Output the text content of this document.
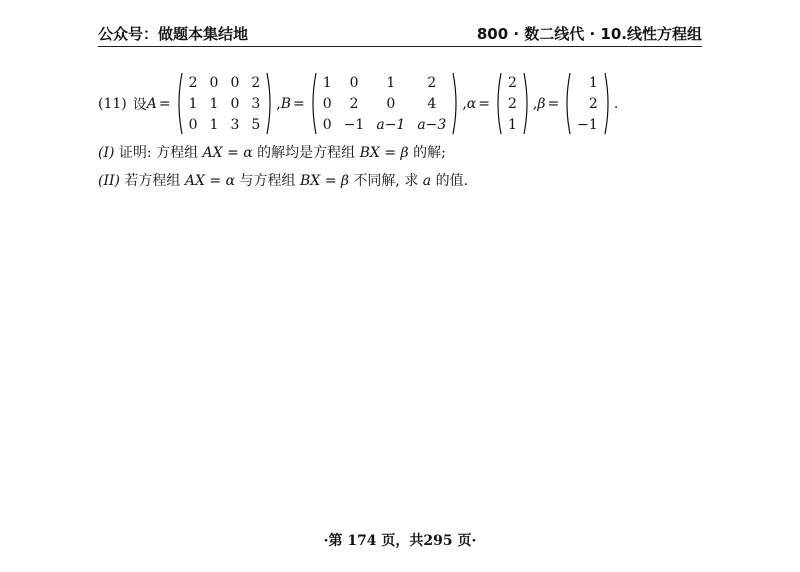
公众号：做题本集结地	800 · 数二线代 · 10.线性方程组
(11) 设 A =
2	0	0	2
1	1	0	3
0	1	3	5
, B =
1	0	1	2
0	2	0	4
0	−1	a−1	a−3
, α =
2
2
1
, β =
1
2
−1
.
(I) 证明: 方程组 AX = α 的解均是方程组 BX = β 的解;
(II) 若方程组 AX = α 与方程组 BX = β 不同解, 求 a 的值.
·第 174 页，共295 页·
